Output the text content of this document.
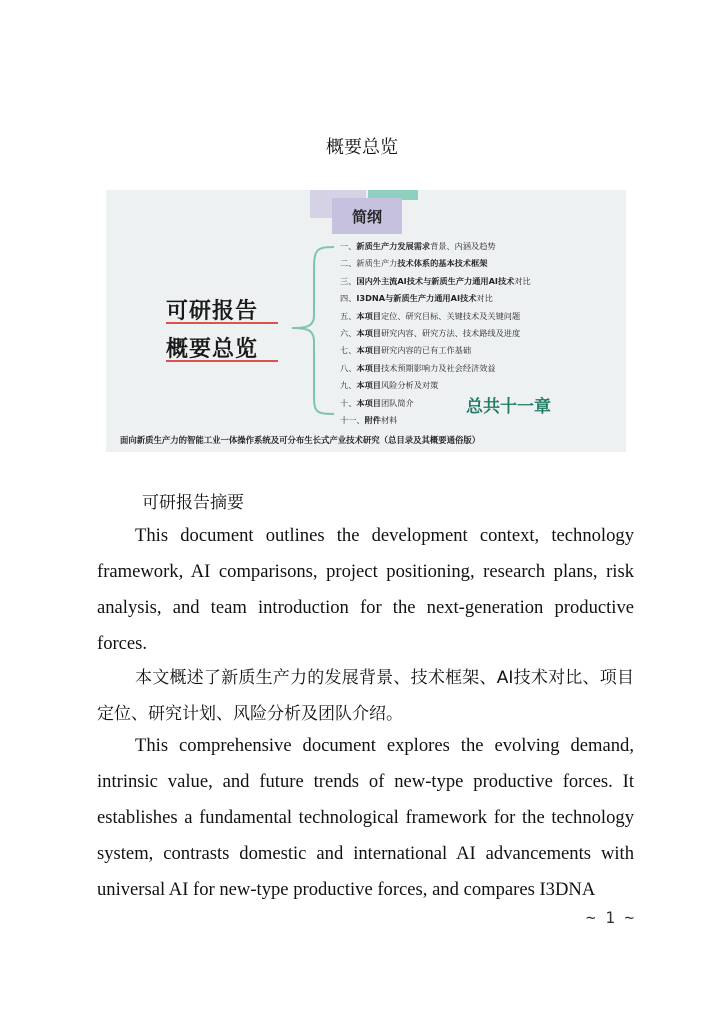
概要总览
简纲
可研报告
概要总览
一、新质生产力发展需求背景、内涵及趋势
二、新质生产力技术体系的基本技术框架
三、国内外主流AI技术与新质生产力通用AI技术对比
四、I3DNA与新质生产力通用AI技术对比
五、本项目定位、研究目标、关键技术及关键问题
六、本项目研究内容、研究方法、技术路线及进度
七、本项目研究内容的已有工作基础
八、本项目技术预期影响力及社会经济效益
九、本项目风险分析及对策
十、本项目团队简介
十一、附件材料
总共十一章
面向新质生产力的智能工业一体操作系统及可分布生长式产业技术研究（总目录及其概要通俗版）
可研报告摘要

This document outlines the development context, technology framework, AI comparisons, project positioning, research plans, risk analysis, and team introduction for the next-generation productive forces.

本文概述了新质生产力的发展背景、技术框架、AI技术对比、项目定位、研究计划、风险分析及团队介绍。

This comprehensive document explores the evolving demand, intrinsic value, and future trends of new-type productive forces. It establishes a fundamental technological framework for the technology system, contrasts domestic and international AI advancements with universal AI for new-type productive forces, and compares I3DNA

~ 1 ~
